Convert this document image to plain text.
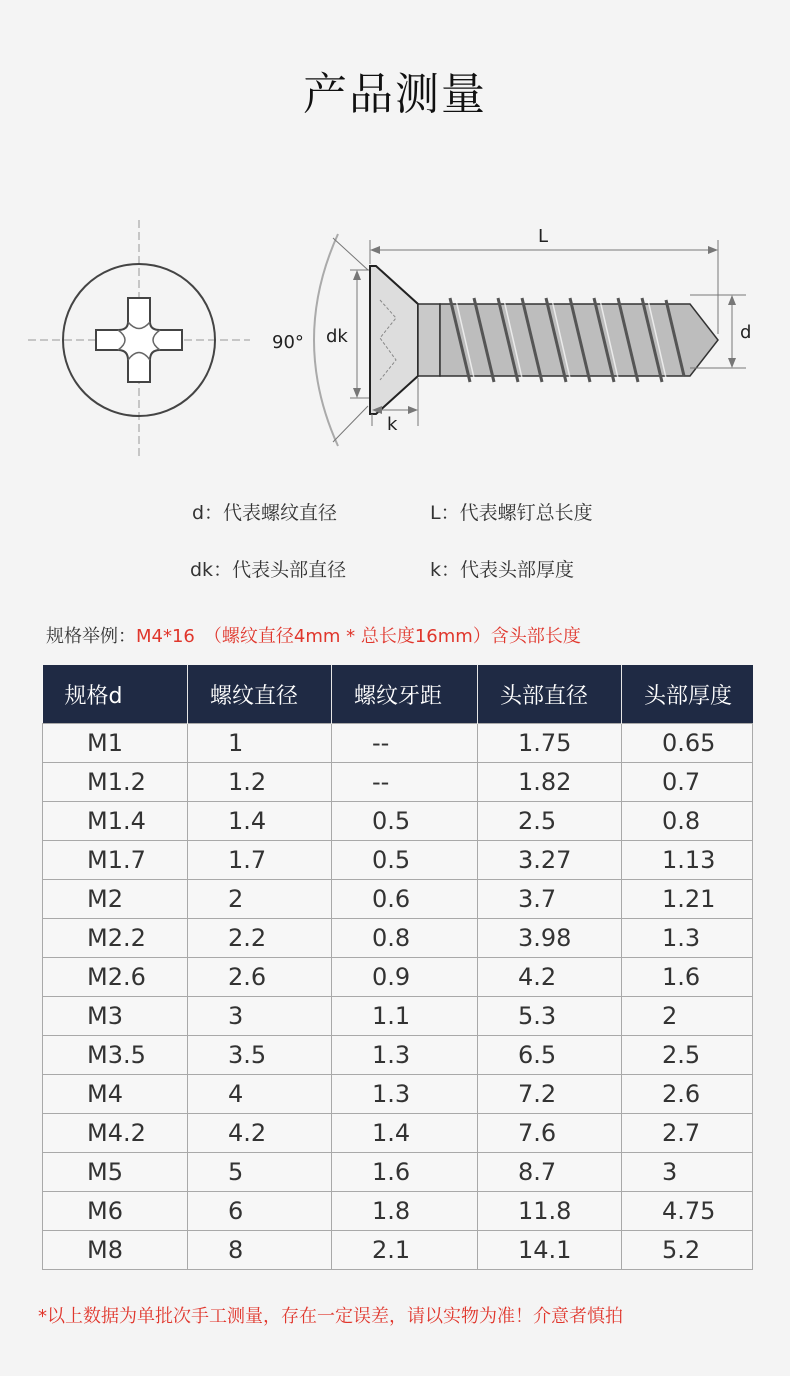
产品测量
90° dk
L
d
k
d：代表螺纹直径	L：代表螺钉总长度
dk：代表头部直径	k：代表头部厚度
规格举例：M4*16　（螺纹直径4mm * 总长度16mm）含头部长度
规格d	螺纹直径	螺纹牙距	头部直径	头部厚度
M1	1	--	1.75	0.65
M1.2	1.2	--	1.82	0.7
M1.4	1.4	0.5	2.5	0.8
M1.7	1.7	0.5	3.27	1.13
M2	2	0.6	3.7	1.21
M2.2	2.2	0.8	3.98	1.3
M2.6	2.6	0.9	4.2	1.6
M3	3	1.1	5.3	2
M3.5	3.5	1.3	6.5	2.5
M4	4	1.3	7.2	2.6
M4.2	4.2	1.4	7.6	2.7
M5	5	1.6	8.7	3
M6	6	1.8	11.8	4.75
M8	8	2.1	14.1	5.2
*以上数据为单批次手工测量，存在一定误差，请以实物为准！介意者慎拍
